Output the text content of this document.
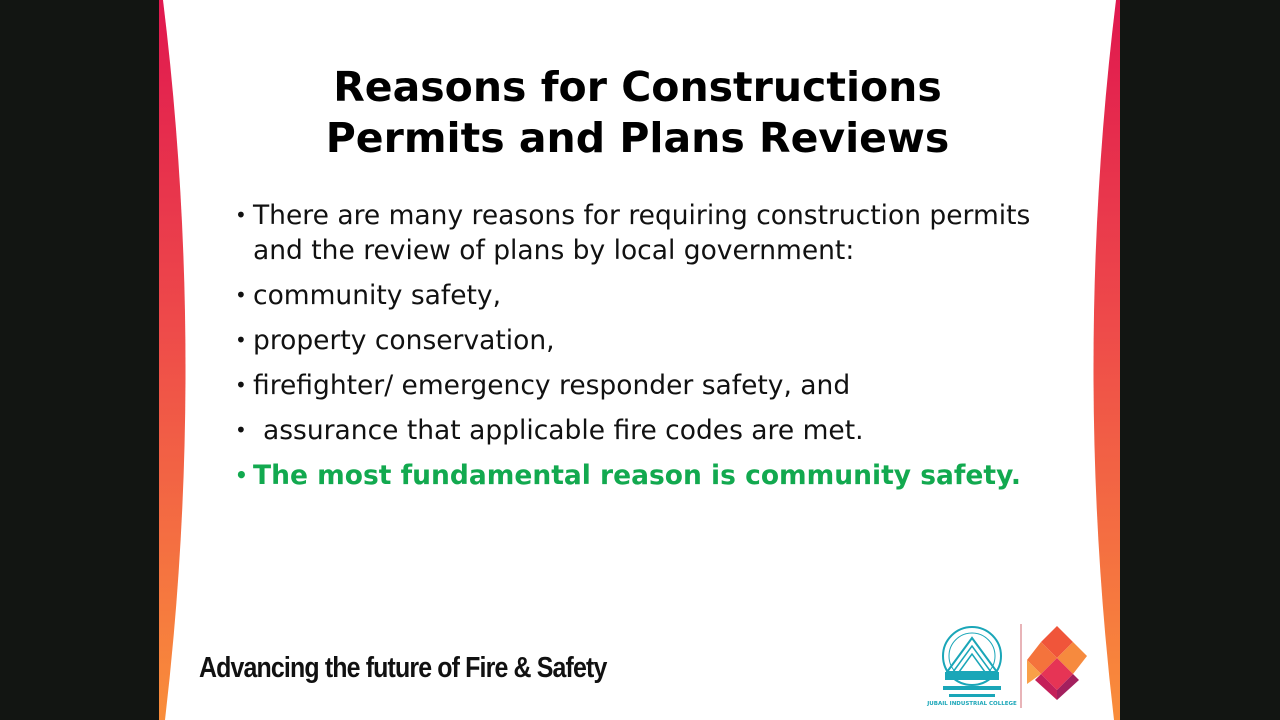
Reasons for Constructions
Permits and Plans Reviews
• There are many reasons for requiring construction permits and the review of plans by local government:
• community safety,
• property conservation,
• firefighter/ emergency responder safety, and
• assurance that applicable fire codes are met.
• The most fundamental reason is community safety.
Advancing the future of Fire & Safety
JUBAIL INDUSTRIAL COLLEGE
